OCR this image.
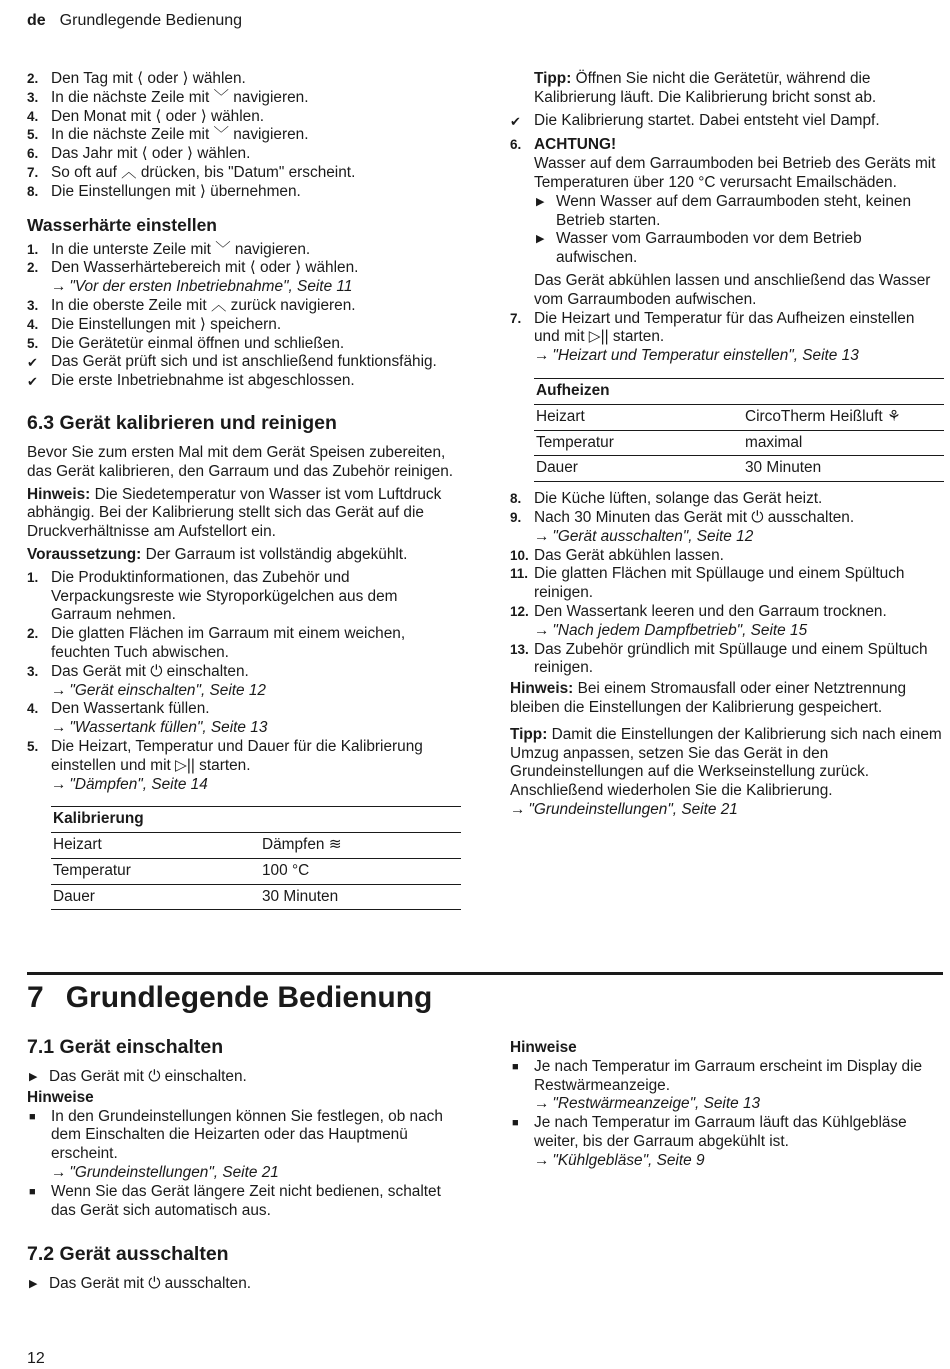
de Grundlegende Bedienung
2. Den Tag mit ⟨ oder ⟩ wählen.
3. In die nächste Zeile mit ﹀ navigieren.
4. Den Monat mit ⟨ oder ⟩ wählen.
5. In die nächste Zeile mit ﹀ navigieren.
6. Das Jahr mit ⟨ oder ⟩ wählen.
7. So oft auf ︿ drücken, bis "Datum" erscheint.
8. Die Einstellungen mit ⟩ übernehmen.
Wasserhärte einstellen
1. In die unterste Zeile mit ﹀ navigieren.
2. Den Wasserhärtebereich mit ⟨ oder ⟩ wählen.
→ "Vor der ersten Inbetriebnahme", Seite 11
3. In die oberste Zeile mit ︿ zurück navigieren.
4. Die Einstellungen mit ⟩ speichern.
5. Die Gerätetür einmal öffnen und schließen.
✔ Das Gerät prüft sich und ist anschließend funktionsfähig.
✔ Die erste Inbetriebnahme ist abgeschlossen.
6.3 Gerät kalibrieren und reinigen

Bevor Sie zum ersten Mal mit dem Gerät Speisen zubereiten, das Gerät kalibrieren, den Garraum und das Zubehör reinigen.

Hinweis: Die Siedetemperatur von Wasser ist vom Luftdruck abhängig. Bei der Kalibrierung stellt sich das Gerät auf die Druckverhältnisse am Aufstellort ein.

Voraussetzung: Der Garraum ist vollständig abgekühlt.

1. Die Produktinformationen, das Zubehör und Verpackungsreste wie Styroporkügelchen aus dem Garraum nehmen.
2. Die glatten Flächen im Garraum mit einem weichen, feuchten Tuch abwischen.
3. Das Gerät mit ⏻ einschalten.
→ "Gerät einschalten", Seite 12
4. Den Wassertank füllen.
→ "Wassertank füllen", Seite 13
5. Die Heizart, Temperatur und Dauer für die Kalibrierung einstellen und mit ▷|| starten.
→ "Dämpfen", Seite 14
Kalibrierung	
Heizart	Dämpfen ≋
Temperatur	100 °C
Dauer	30 Minuten

Tipp: Öffnen Sie nicht die Gerätetür, während die Kalibrierung läuft. Die Kalibrierung bricht sonst ab.

✔ Die Kalibrierung startet. Dabei entsteht viel Dampf.
6. ACHTUNG!
Wasser auf dem Garraumboden bei Betrieb des Geräts mit Temperaturen über 120 °C verursacht Emailschäden.
▶ Wenn Wasser auf dem Garraumboden steht, keinen Betrieb starten.
▶ Wasser vom Garraumboden vor dem Betrieb aufwischen.
Das Gerät abkühlen lassen und anschließend das Wasser vom Garraumboden aufwischen.
7. Die Heizart und Temperatur für das Aufheizen einstellen und mit ▷|| starten.
→ "Heizart und Temperatur einstellen", Seite 13
Aufheizen	
Heizart	CircoTherm Heißluft ⚘
Temperatur	maximal
Dauer	30 Minuten
8. Die Küche lüften, solange das Gerät heizt.
9. Nach 30 Minuten das Gerät mit ⏻ ausschalten.
→ "Gerät ausschalten", Seite 12
10. Das Gerät abkühlen lassen.
11. Die glatten Flächen mit Spüllauge und einem Spültuch reinigen.
12. Den Wassertank leeren und den Garraum trocknen.
→ "Nach jedem Dampfbetrieb", Seite 15
13. Das Zubehör gründlich mit Spüllauge und einem Spültuch reinigen.

Hinweis: Bei einem Stromausfall oder einer Netztrennung bleiben die Einstellungen der Kalibrierung gespeichert.

Tipp: Damit die Einstellungen der Kalibrierung sich nach einem Umzug anpassen, setzen Sie das Gerät in den Grundeinstellungen auf die Werkseinstellung zurück. Anschließend wiederholen Sie die Kalibrierung.
→ "Grundeinstellungen", Seite 21

7 Grundlegende Bedienung
7.1 Gerät einschalten
▶ Das Gerät mit ⏻ einschalten.
Hinweise
■ In den Grundeinstellungen können Sie festlegen, ob nach dem Einschalten die Heizarten oder das Hauptmenü erscheint.
→ "Grundeinstellungen", Seite 21
■ Wenn Sie das Gerät längere Zeit nicht bedienen, schaltet das Gerät sich automatisch aus.
7.2 Gerät ausschalten
▶ Das Gerät mit ⏻ ausschalten.
Hinweise
■ Je nach Temperatur im Garraum erscheint im Display die Restwärmeanzeige.
→ "Restwärmeanzeige", Seite 13
■ Je nach Temperatur im Garraum läuft das Kühlgebläse weiter, bis der Garraum abgekühlt ist.
→ "Kühlgebläse", Seite 9
12
